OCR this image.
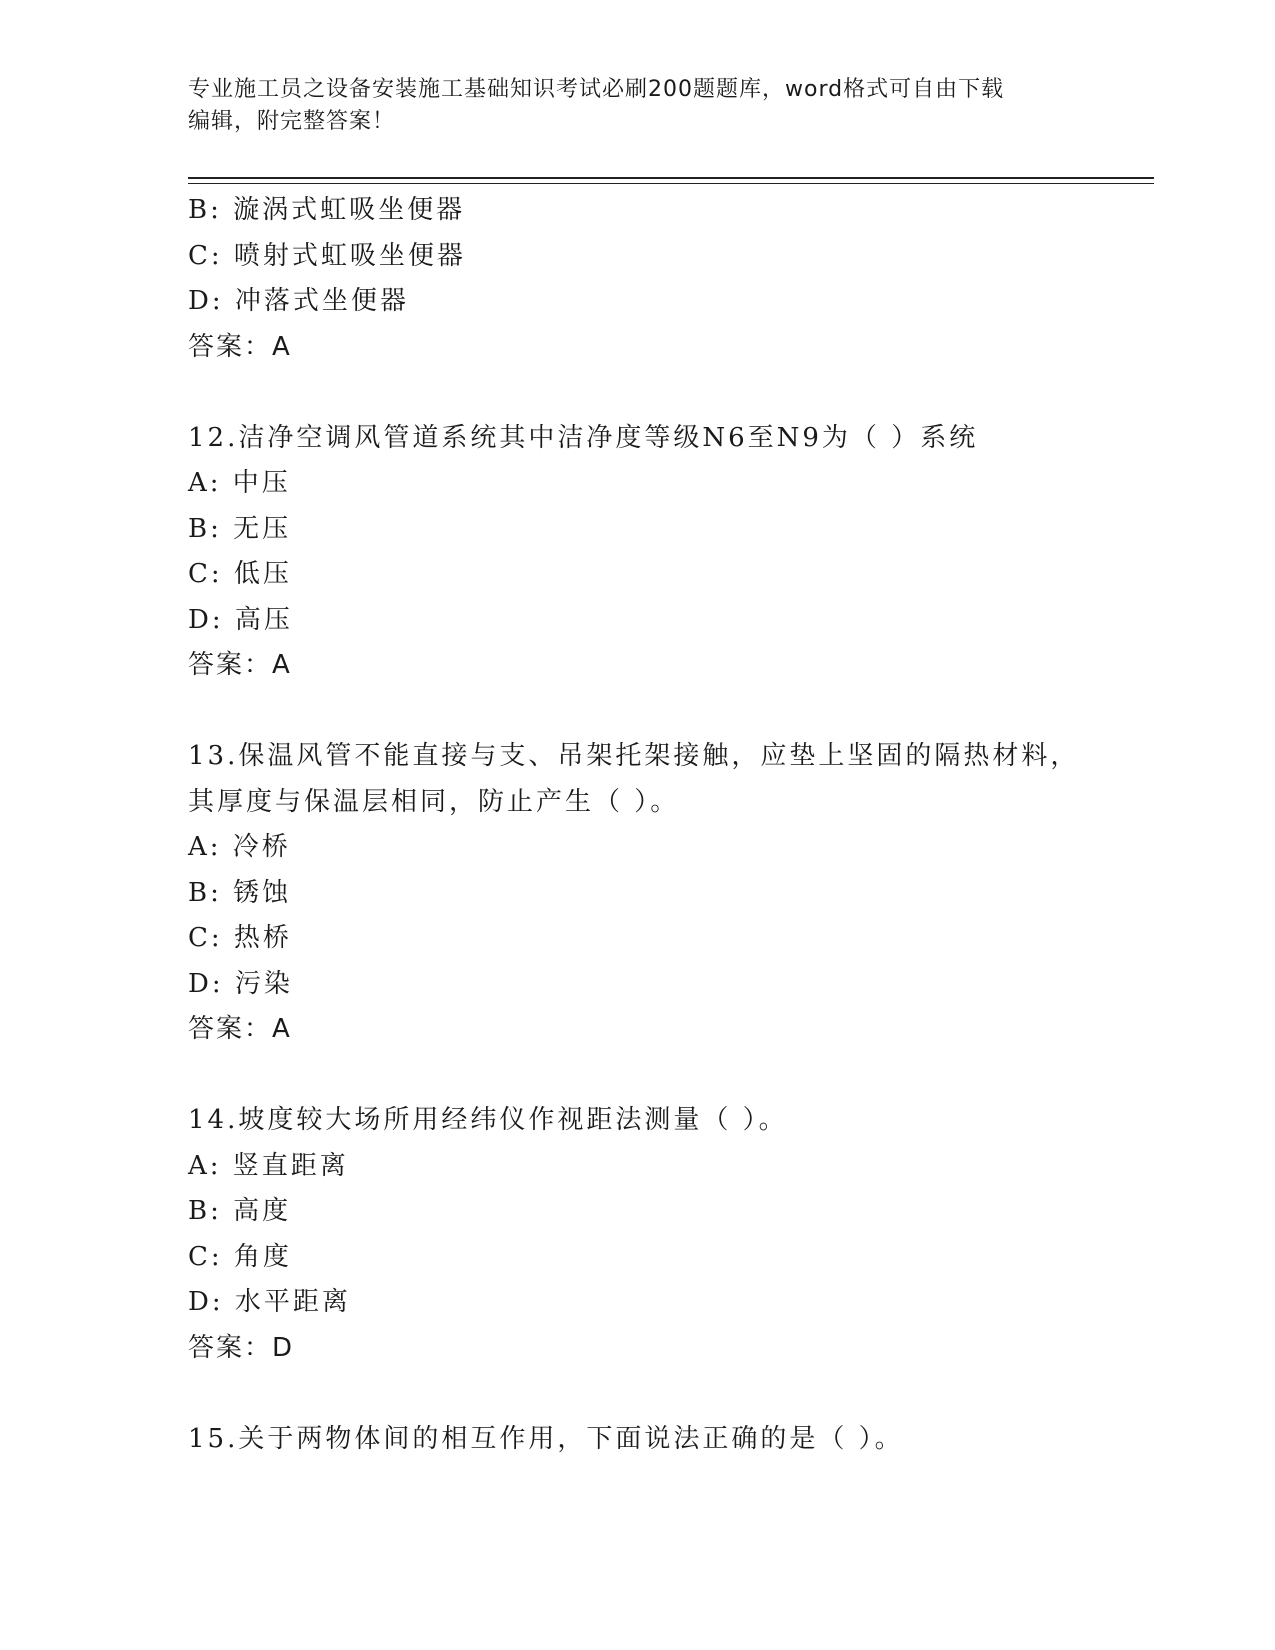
专业施工员之设备安装施工基础知识考试必刷200题题库，word格式可自由下载
编辑，附完整答案！
B: 漩涡式虹吸坐便器
C: 喷射式虹吸坐便器
D: 冲落式坐便器
答案：A
12.洁净空调风管道系统其中洁净度等级N6至N9为（ ）系统
A: 中压
B: 无压
C: 低压
D: 高压
答案：A
13.保温风管不能直接与支、吊架托架接触，应垫上坚固的隔热材料，
其厚度与保温层相同，防止产生（ ）。
A: 冷桥
B: 锈蚀
C: 热桥
D: 污染
答案：A
14.坡度较大场所用经纬仪作视距法测量（ ）。
A: 竖直距离
B: 高度
C: 角度
D: 水平距离
答案：D
15.关于两物体间的相互作用，下面说法正确的是（ ）。
